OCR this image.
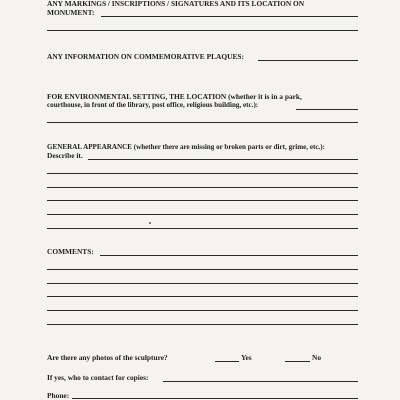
ANY MARKINGS / INSCRIPTIONS / SIGNATURES AND ITS LOCATION ON
MONUMENT:
ANY INFORMATION ON COMMEMORATIVE PLAQUES:
FOR ENVIRONMENTAL SETTING, THE LOCATION (whether it is in a park,
courthouse, in front of the library, post office, religious building, etc.):
GENERAL APPEARANCE (whether there are missing or broken parts or dirt, grime, etc.):
Describe it.
COMMENTS:
Are there any photos of the sculpture?	Yes	No
If yes, who to contact for copies:
Phone:
